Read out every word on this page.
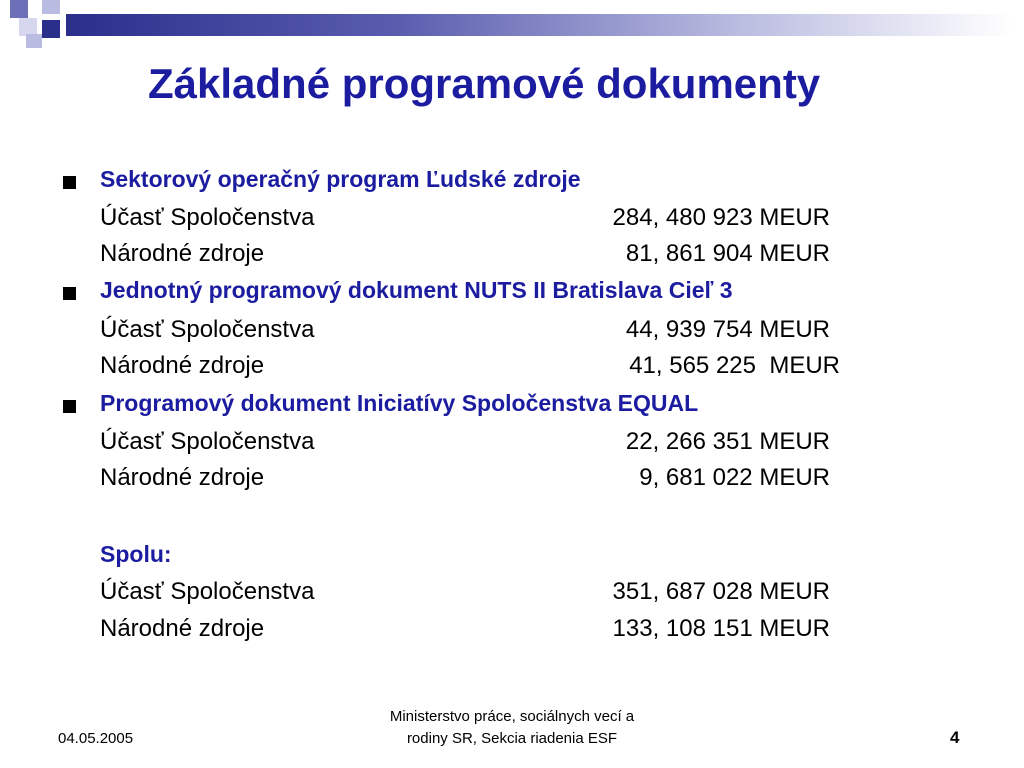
Základné programové dokumenty
Sektorový operačný program Ľudské zdroje
Účasť Spoločenstva	284, 480 923 MEUR
Národné zdroje	81, 861 904 MEUR
Jednotný programový dokument NUTS II Bratislava Cieľ 3
Účasť Spoločenstva	44, 939 754 MEUR
Národné zdroje	41, 565 225  MEUR
Programový dokument Iniciatívy Spoločenstva EQUAL
Účasť Spoločenstva	22, 266 351 MEUR
Národné zdroje	9, 681 022 MEUR
Spolu:
Účasť Spoločenstva	351, 687 028 MEUR
Národné zdroje	133, 108 151 MEUR
04.05.2005
Ministerstvo práce, sociálnych vecí a
rodiny SR, Sekcia riadenia ESF	4
